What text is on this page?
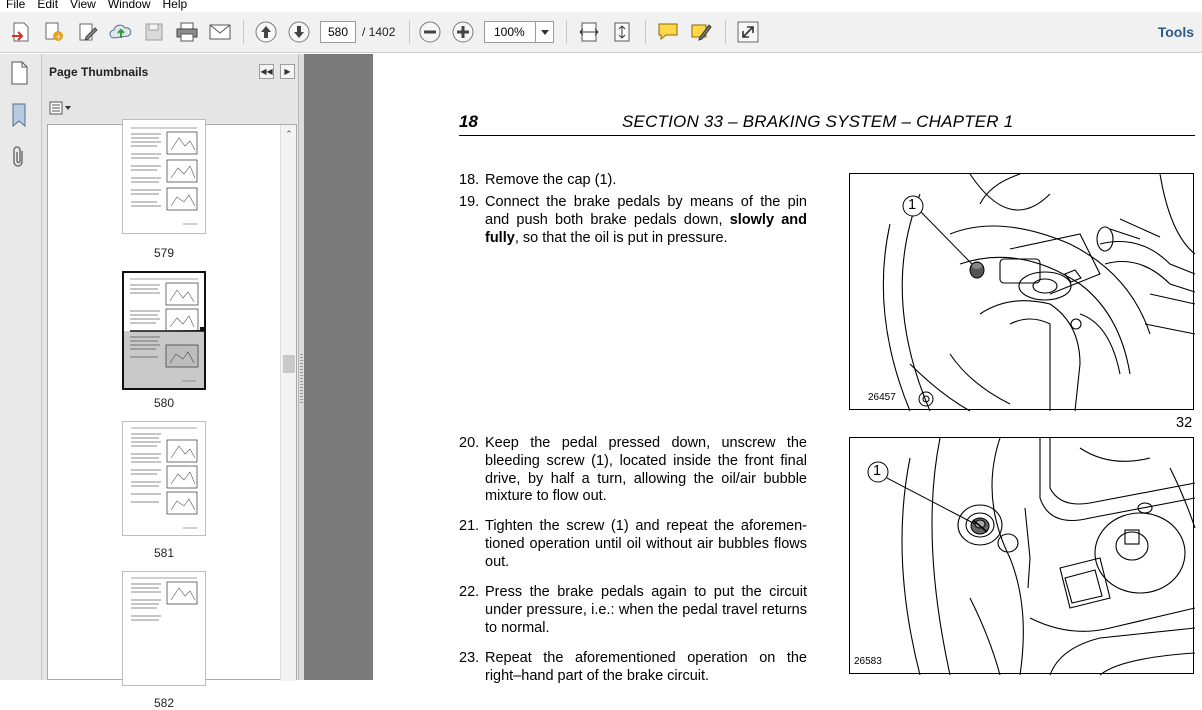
File	Edit	View	Window	Help
+	580	/ 1402	100%	Tools
Page Thumbnails	◀◀	▶
579
580
581
582
⌃
18	SECTION 33 – BRAKING SYSTEM – CHAPTER 1
18. Remove the cap (1).
19. Connect the brake pedals by means of the pin and push both brake pedals down, slowly and fully, so that the oil is put in pressure.
1
26457
32
20. Keep the pedal pressed down, unscrew the bleeding screw (1), located inside the front final drive, by half a turn, allowing the oil/air bubble mixture to flow out.
21. Tighten the screw (1) and repeat the aforementioned operation until oil without air bubbles flows out.
22. Press the brake pedals again to put the circuit under pressure, i.e.: when the pedal travel returns to normal.
23. Repeat the aforementioned operation on the right–hand part of the brake circuit.
1
26583
